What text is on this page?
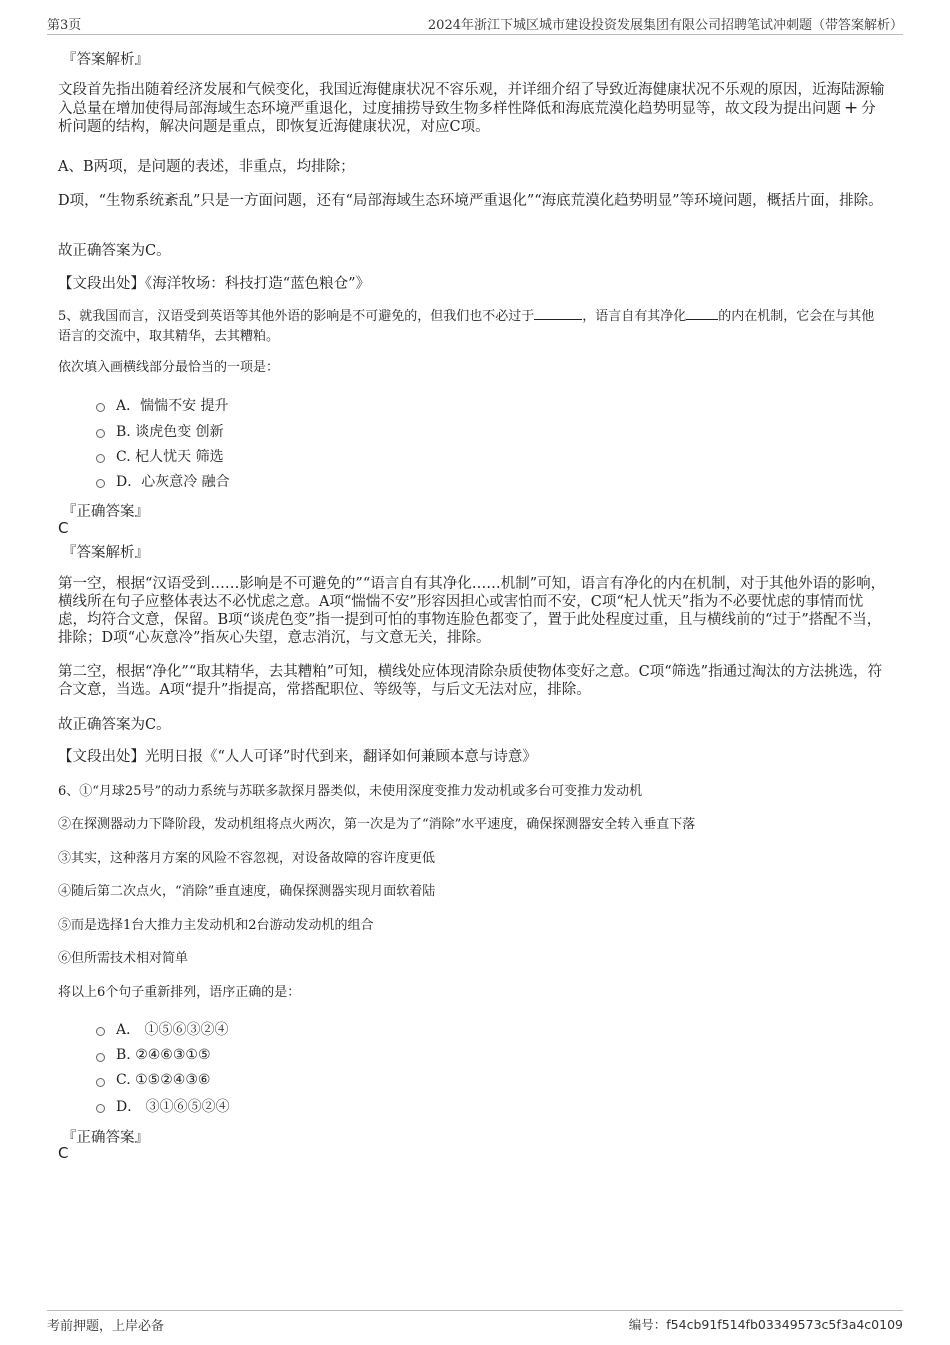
第3页	2024年浙江下城区城市建设投资发展集团有限公司招聘笔试冲刺题（带答案解析）
『答案解析』
文段首先指出随着经济发展和气候变化，我国近海健康状况不容乐观，并详细介绍了导致近海健康状况不乐观的原因，近海陆源输入总量在增加使得局部海域生态环境严重退化，过度捕捞导致生物多样性降低和海底荒漠化趋势明显等，故文段为提出问题 + 分析问题的结构，解决问题是重点，即恢复近海健康状况，对应C项。
A、B两项，是问题的表述，非重点，均排除；
D项，“生物系统紊乱”只是一方面问题，还有“局部海域生态环境严重退化”“海底荒漠化趋势明显”等环境问题，概括片面，排除。
故正确答案为C。
【文段出处】《海洋牧场：科技打造“蓝色粮仓”》
5、就我国而言，汉语受到英语等其他外语的影响是不可避免的，但我们也不必过于	，语言自有其净化 的内在机制，它会在与其他
语言的交流中，取其精华，去其糟粕。
依次填入画横线部分最恰当的一项是：
A．惴惴不安 提升
B. 谈虎色变 创新
C. 杞人忧天 筛选
D．心灰意冷 融合
『正确答案』
C
『答案解析』
第一空，根据“汉语受到……影响是不可避免的”“语言自有其净化……机制”可知，语言有净化的内在机制，对于其他外语的影响，横线所在句子应整体表达不必忧虑之意。A项“惴惴不安”形容因担心或害怕而不安，C项“杞人忧天”指为不必要忧虑的事情而忧虑，均符合文意，保留。B项“谈虎色变”指一提到可怕的事物连脸色都变了，置于此处程度过重，且与横线前的“过于”搭配不当，排除；D项“心灰意冷”指灰心失望，意志消沉，与文意无关，排除。
第二空，根据“净化”“取其精华，去其糟粕”可知，横线处应体现清除杂质使物体变好之意。C项“筛选”指通过淘汰的方法挑选，符合文意，当选。A项“提升”指提高，常搭配职位、等级等，与后文无法对应，排除。
故正确答案为C。
【文段出处】光明日报《“人人可译”时代到来，翻译如何兼顾本意与诗意》
6、①“月球25号”的动力系统与苏联多款探月器类似，未使用深度变推力发动机或多台可变推力发动机
②在探测器动力下降阶段，发动机组将点火两次，第一次是为了“消除”水平速度，确保探测器安全转入垂直下落
③其实，这种落月方案的风险不容忽视，对设备故障的容许度更低
④随后第二次点火，“消除”垂直速度，确保探测器实现月面软着陆
⑤而是选择1台大推力主发动机和2台游动发动机的组合
⑥但所需技术相对简单
将以上6个句子重新排列，语序正确的是：
A． ①⑤⑥③②④
B. ②④⑥③①⑤
C. ①⑤②④③⑥
D． ③①⑥⑤②④
『正确答案』
C
考前押题，上岸必备	编号：f54cb91f514fb03349573c5f3a4c0109
